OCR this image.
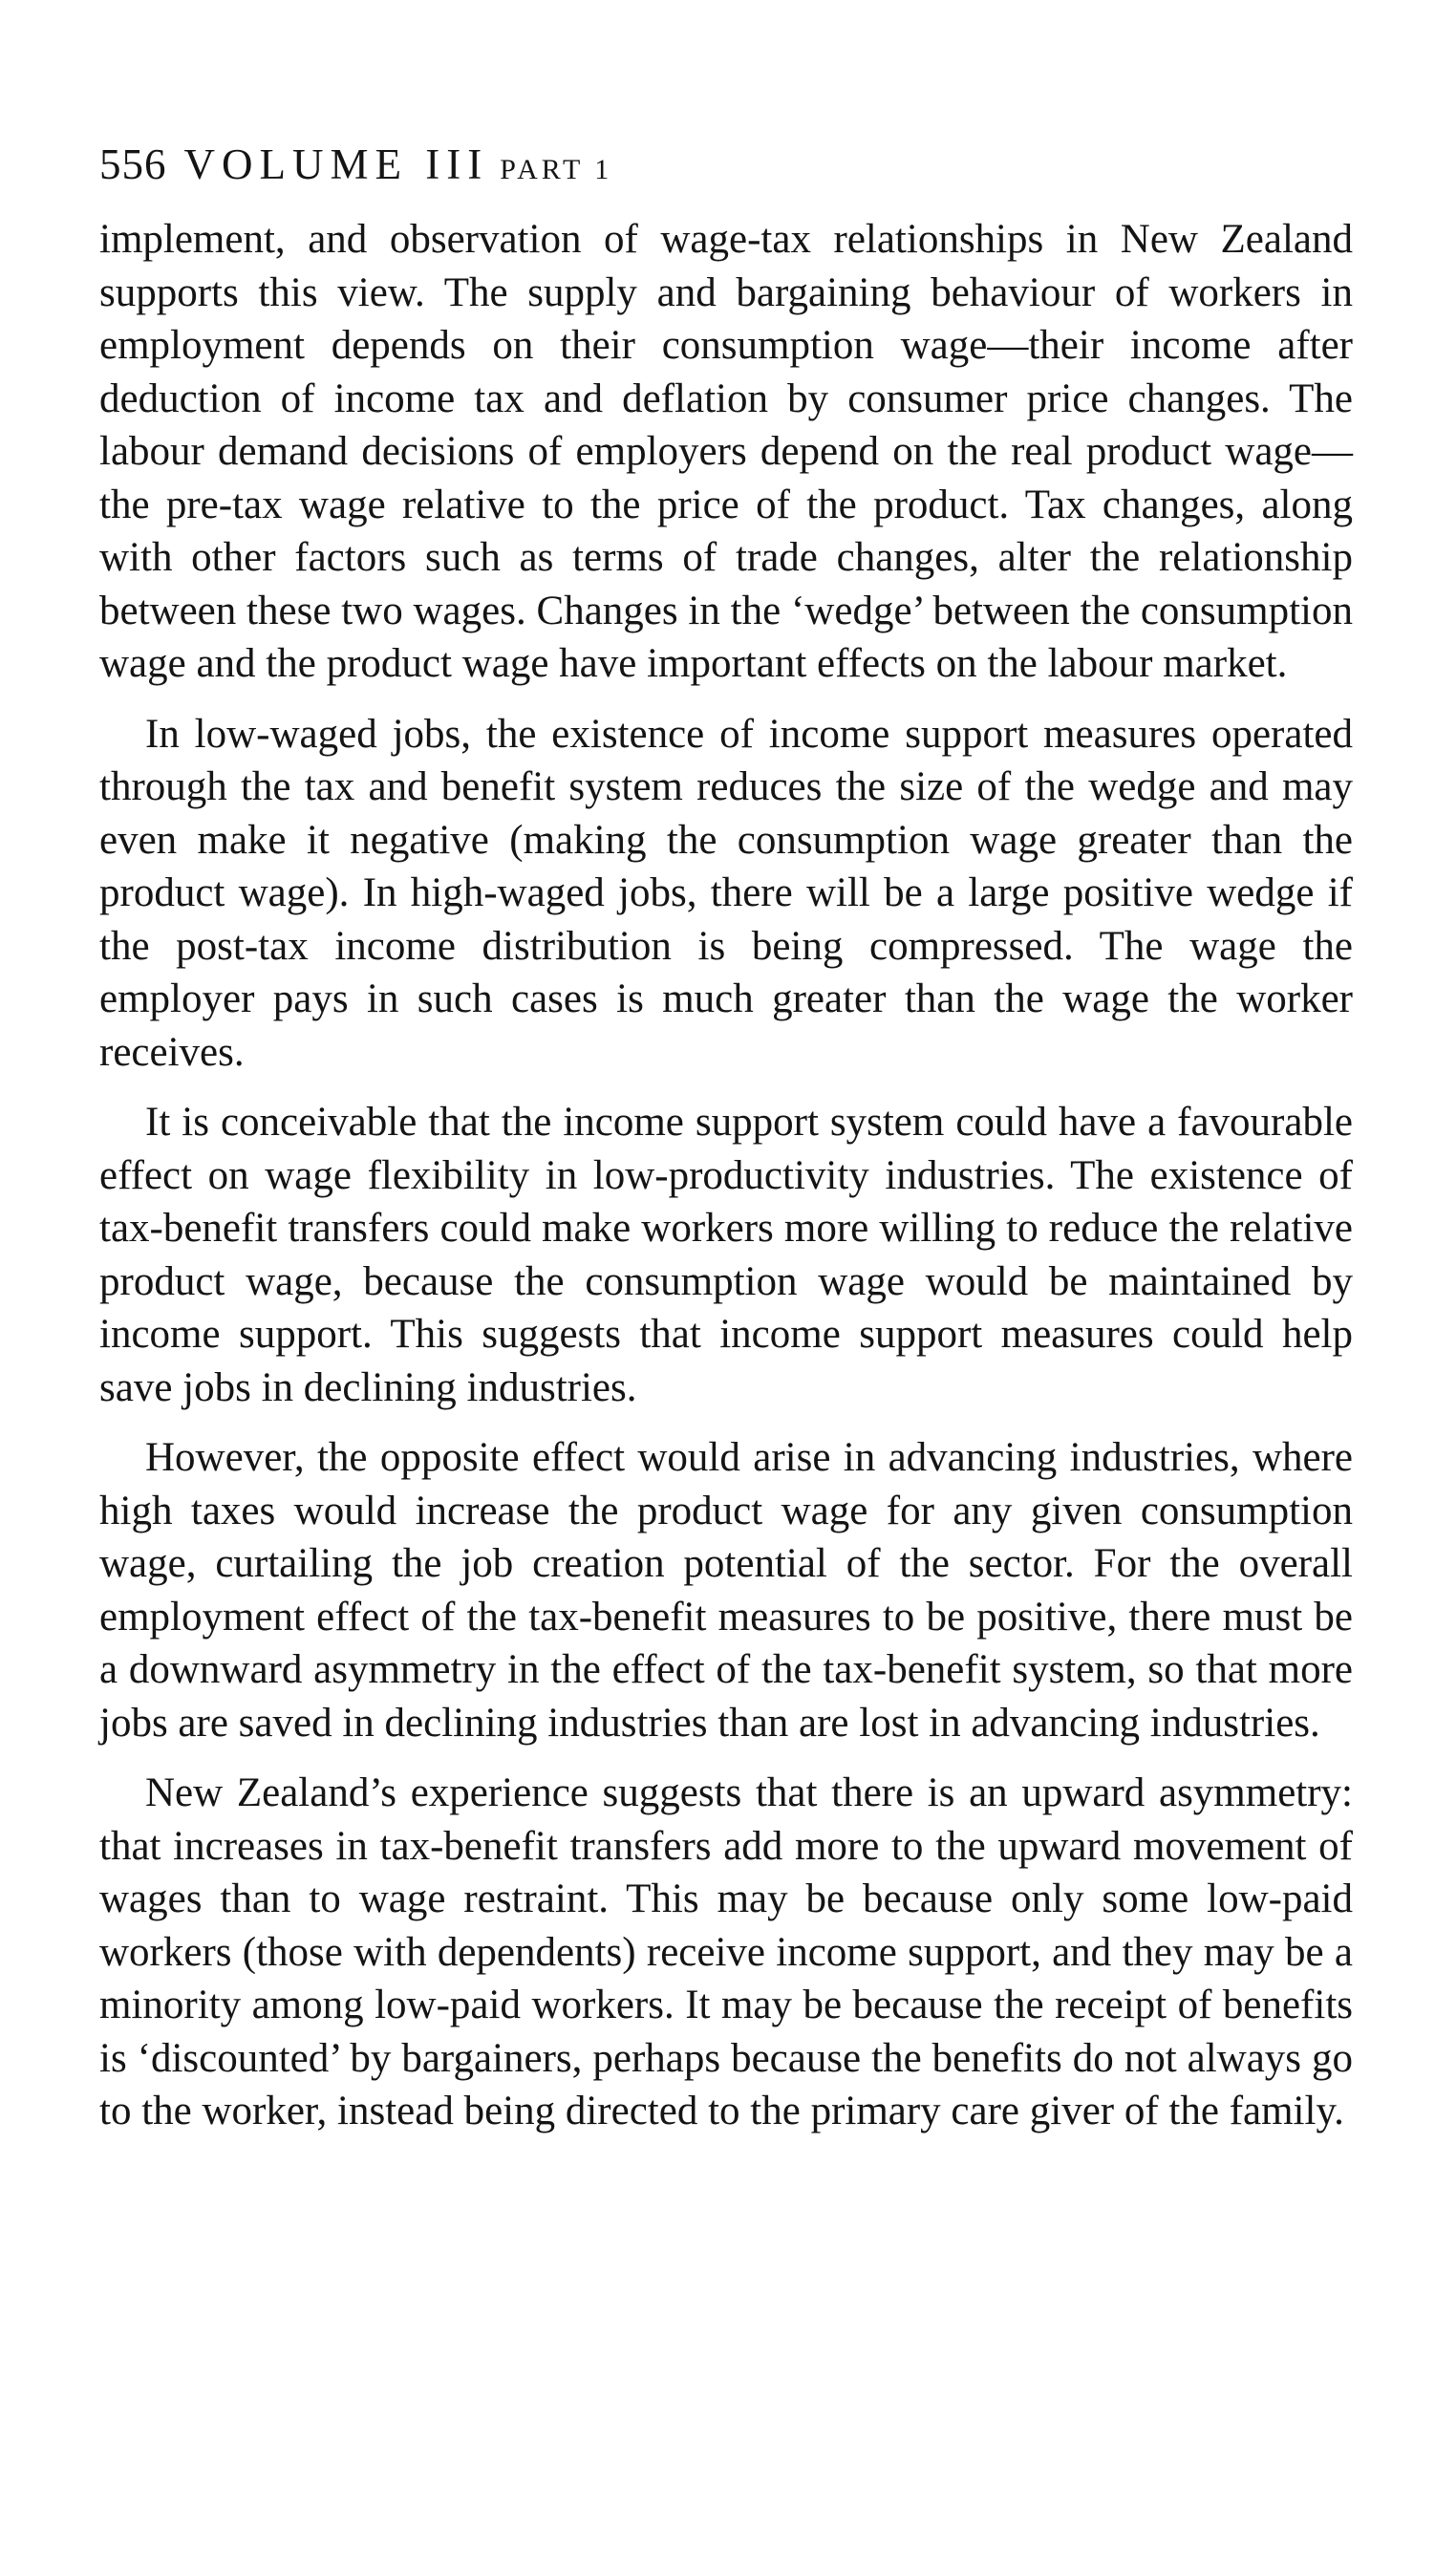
556 VOLUME III PART 1

implement, and observation of wage-tax relationships in New Zealand supports this view. The supply and bargaining behaviour of workers in employment depends on their consumption wage—their income after deduction of income tax and deflation by consumer price changes. The labour demand decisions of employers depend on the real product wage—the pre-tax wage relative to the price of the product. Tax changes, along with other factors such as terms of trade changes, alter the relationship between these two wages. Changes in the ‘wedge’ between the consumption wage and the product wage have important effects on the labour market.

In low-waged jobs, the existence of income support measures operated through the tax and benefit system reduces the size of the wedge and may even make it negative (making the consumption wage greater than the product wage). In high-waged jobs, there will be a large positive wedge if the post-tax income distribution is being compressed. The wage the employer pays in such cases is much greater than the wage the worker receives.

It is conceivable that the income support system could have a favourable effect on wage flexibility in low-productivity industries. The existence of tax-benefit transfers could make workers more willing to reduce the relative product wage, because the consumption wage would be maintained by income support. This suggests that income support measures could help save jobs in declining industries.

However, the opposite effect would arise in advancing industries, where high taxes would increase the product wage for any given consumption wage, curtailing the job creation potential of the sector. For the overall employment effect of the tax-benefit measures to be positive, there must be a downward asymmetry in the effect of the tax-benefit system, so that more jobs are saved in declining industries than are lost in advancing industries.

New Zealand’s experience suggests that there is an upward asymmetry: that increases in tax-benefit transfers add more to the upward movement of wages than to wage restraint. This may be because only some low-paid workers (those with dependents) receive income support, and they may be a minority among low-paid workers. It may be because the receipt of benefits is ‘discounted’ by bargainers, perhaps because the benefits do not always go to the worker, instead being directed to the primary care giver of the family.
